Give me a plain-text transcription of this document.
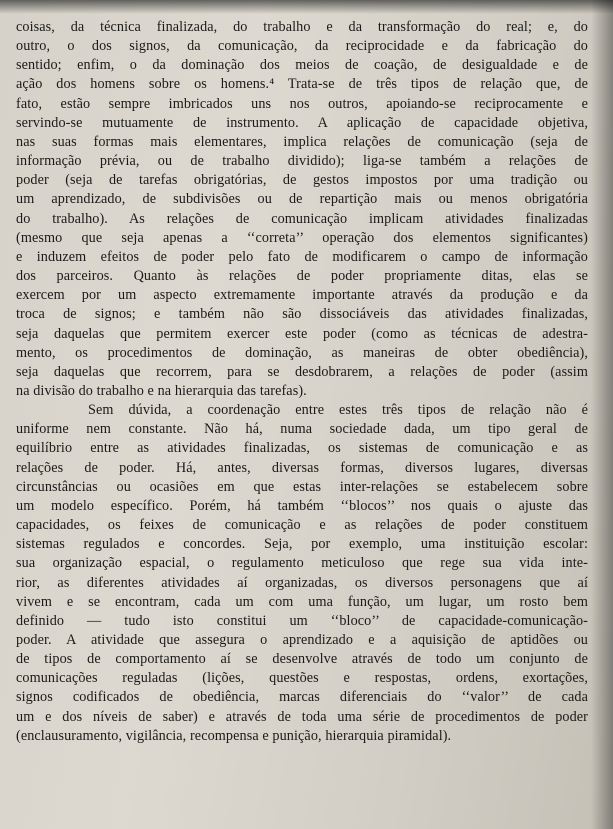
coisas, da técnica finalizada, do trabalho e da transformação do real; e, do
outro, o dos signos, da comunicação, da reciprocidade e da fabricação do
sentido; enfim, o da dominação dos meios de coação, de desigualdade e de
ação dos homens sobre os homens.⁴ Trata-se de três tipos de relação que, de
fato, estão sempre imbricados uns nos outros, apoiando-se reciprocamente e
servindo-se mutuamente de instrumento. A aplicação de capacidade objetiva,
nas suas formas mais elementares, implica relações de comunicação (seja de
informação prévia, ou de trabalho dividido); liga-se também a relações de
poder (seja de tarefas obrigatórias, de gestos impostos por uma tradição ou
um aprendizado, de subdivisões ou de repartição mais ou menos obrigatória
do trabalho). As relações de comunicação implicam atividades finalizadas
(mesmo que seja apenas a ‘‘correta’’ operação dos elementos significantes)
e induzem efeitos de poder pelo fato de modificarem o campo de informação
dos parceiros. Quanto às relações de poder propriamente ditas, elas se
exercem por um aspecto extremamente importante através da produção e da
troca de signos; e também não são dissociáveis das atividades finalizadas,
seja daquelas que permitem exercer este poder (como as técnicas de adestra-
mento, os procedimentos de dominação, as maneiras de obter obediência),
seja daquelas que recorrem, para se desdobrarem, a relações de poder (assim
na divisão do trabalho e na hierarquia das tarefas).
Sem dúvida, a coordenação entre estes três tipos de relação não é
uniforme nem constante. Não há, numa sociedade dada, um tipo geral de
equilíbrio entre as atividades finalizadas, os sistemas de comunicação e as
relações de poder. Há, antes, diversas formas, diversos lugares, diversas
circunstâncias ou ocasiões em que estas inter-relações se estabelecem sobre
um modelo específico. Porém, há também ‘‘blocos’’ nos quais o ajuste das
capacidades, os feixes de comunicação e as relações de poder constituem
sistemas regulados e concordes. Seja, por exemplo, uma instituição escolar:
sua organização espacial, o regulamento meticuloso que rege sua vida inte-
rior, as diferentes atividades aí organizadas, os diversos personagens que aí
vivem e se encontram, cada um com uma função, um lugar, um rosto bem
definido — tudo isto constitui um ‘‘bloco’’ de capacidade-comunicação-
poder. A atividade que assegura o aprendizado e a aquisição de aptidões ou
de tipos de comportamento aí se desenvolve através de todo um conjunto de
comunicações reguladas (lições, questões e respostas, ordens, exortações,
signos codificados de obediência, marcas diferenciais do ‘‘valor’’ de cada
um e dos níveis de saber) e através de toda uma série de procedimentos de poder
(enclausuramento, vigilância, recompensa e punição, hierarquia piramidal).
